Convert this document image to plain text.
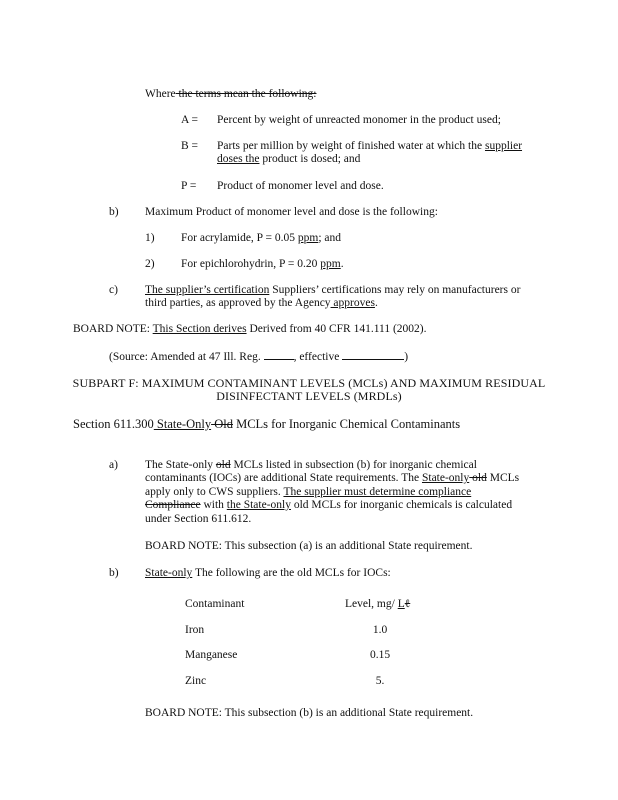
Where the terms mean the following:
A = Percent by weight of unreacted monomer in the product used;
B = Parts per million by weight of finished water at which the supplier
doses the product is dosed; and
P = Product of monomer level and dose.
b) Maximum Product of monomer level and dose is the following:
1) For acrylamide, P = 0.05 ppm; and
2) For epichlorohydrin, P = 0.20 ppm.
c) The supplier’s certification Suppliers’ certifications may rely on manufacturers or
third parties, as approved by the Agency approves.
BOARD NOTE: This Section derives Derived from 40 CFR 141.111 (2002).
(Source: Amended at 47 Ill. Reg.	, effective	)
SUBPART F: MAXIMUM CONTAMINANT LEVELS (MCLs) AND MAXIMUM RESIDUAL
DISINFECTANT LEVELS (MRDLs)
Section 611.300 State-Only Old MCLs for Inorganic Chemical Contaminants
a) The State-only old MCLs listed in subsection (b) for inorganic chemical
contaminants (IOCs) are additional State requirements. The State-only old MCLs
apply only to CWS suppliers. The supplier must determine compliance
Compliance with the State-only old MCLs for inorganic chemicals is calculated
under Section 611.612.
BOARD NOTE: This subsection (a) is an additional State requirement.
b) State-only The following are the old MCLs for IOCs:
Contaminant	Level, mg/ Lℓ
Iron	1.0
Manganese	0.15
Zinc	5.
BOARD NOTE: This subsection (b) is an additional State requirement.
